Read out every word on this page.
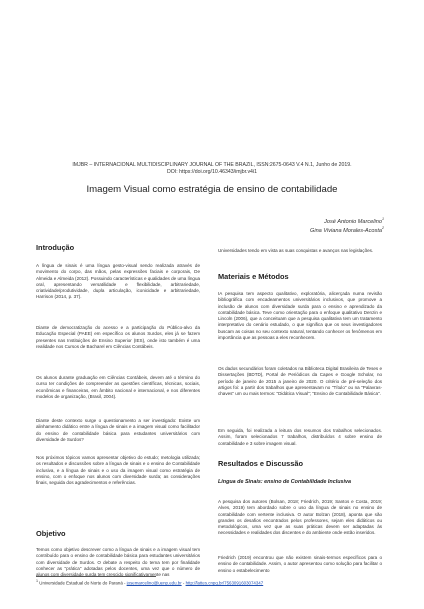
IMJBR – INTERNACIONAL MULTIDISCIPLINARY JOURNAL OF THE BRAZIL, ISSN:2675-0643 V.4 N.1, Junho de 2019.
DOI: https://doi.org/10.46343/imjbr.v4i1
Imagem Visual como estratégia de ensino de contabilidade
José Antonio Marcelino$^1$
Gina Viviana Morales-Acosta$^2$
Introdução
A língua de sinais é uma língua gesto-visual sendo realizada através de movimento do corpo, das mãos, pelas expressões faciais e corporais, De Almeida e Almeida (2012). Possuindo características e qualidades de uma língua oral, apresentando versatilidade e flexibilidade, arbitrariedade, criatividade/produtividade, dupla articulação, iconicidade e arbitrariedade, Harrison (2014, p. 37).
Diante de democratização do acesso e a participação do Público-alvo da Educação Especial (PAEE) em específico os alunos Surdos, eles já se fazem presentes nas Instituições de Ensino Superior (IES), onde isto também é uma realidade nos Cursos de Bacharel em Ciências Contábeis.
Os alunos durante graduação em Ciências Contábeis, devem até o término do curso ter condições de compreender as questões científicas, técnicas, sociais, econômicas e financeiras, em âmbito nacional e internacional, e nos diferentes modelos de organização, (Brasil, 2004).
Diante deste contexto surge o questionamento a ser investigado: Existe um alinhamento didático entre a língua de sinais e a imagem visual como facilitador do ensino de contabilidade básica para estudantes universitários com diversidade de Surdos?
Nos próximos tópicos vamos apresentar objetivo do estudo; metologia utilizada; os resultados e discussões sobre a língua de sinais e o ensino de Contabilidade inclusiva, e a língua de sinais e o uso da imagem visual como estratégia de ensino, com o enfoque nos alunos com diversidade surda; as considerações finais, seguida dos agradecimentos e referências.
Objetivo
Temos como objetivo descrever como a língua de sinais e a imagem visual tem contribuído para o ensino de contabilidade básica para estudantes universitários com diversidade de Surdos. O debate a respeito do tema tem por finalidade conhecer as "prática" adotadas pelos docentes, uma vez que o número de alunos com diversidade surda tem crescido significativamente nas
Universidades tendo em vista as suas conquistas e avanços nas legislações.
Materiais e Métodos
IA pesquisa tem aspecto qualitativo, exploratória, alicerçada numa revisão bibliográfica com encadeamentos universitários inclusivos, que promove a inclusão de alunos com diversidade surda para o ensino e aprendizado da contabilidade básica. Teve como orientação para o enfoque qualitativo Denzin e Lincoln (2006), que a conceituam que a pesquisa qualitativa tem um tratamento interpretativo do cenário estudado, o que significa que os seus investigadores buscam as coisas no seu contexto natural, tentando conhecer os fenômenos em importância que as pessoas a eles reconhecem.
Os dados secundários foram coletados na Biblioteca Digital Brasileira de Teses e Dissertações (BDTD), Portal de Periódicos da Capes e Google Scholar, no período de janeiro de 2015 a janeiro de 2020. O critério de pré-seleção dos artigos foi: a partir dos trabalhos que apresentavam no "Título" ou na "Palavras-chaves" um ou mais termos: "Didática Visual"; "Ensino de Contabilidade Básica".
Em seguida, foi realizada a leitura dos resumos dos trabalhos selecionados. Assim, foram selecionados 7 trabalhos, distribuídos 4 sobre ensino de contabilidade e 3 sobre imagem visual.
Resultados e Discussão
Língua de Sinais: ensino de Contabilidade Inclusiva
A pesquisa dos autores (Bolsan, 2018; Friedrich, 2019; Santos e Costa, 2019; Alves, 2019) tem abordado sobre o uso da língua de sinais no ensino de contabilidade com vertente inclusiva. O autor Bolzan (2018), aponta que são grandes os desafios encontrados pelos professores, sejam eles didáticos ou metodológicos, uma vez que as suas práticas devem ser adaptadas às necessidades e realidades dos discentes e do ambiente onde estão inseridos.
Friedrich (2019) encontrou que não existem sinais-termos específicos para o ensino de contabilidade. Assim, o autor apresentou como solução para facilitar o ensino o estabelecimento
$^1$ Universidade Estadual do Norte do Paraná - josemarcelino@uenp.edu.br - http://lattes.cnpq.br/7563091603074347
